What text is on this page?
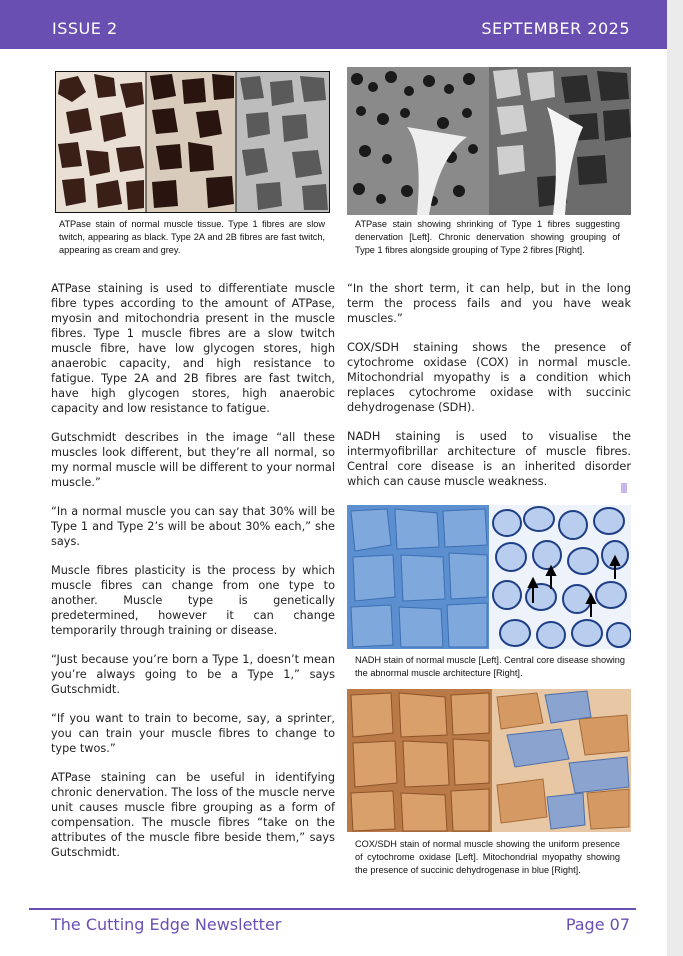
ISSUE 2	SEPTEMBER 2025
ATPase stain of normal muscle tissue. Type 1 fibres are slow twitch, appearing as black. Type 2A and 2B fibres are fast twitch, appearing as cream and grey.
ATPase stain showing shrinking of Type 1 fibres suggesting denervation [Left]. Chronic denervation showing grouping of Type 1 fibres alongside grouping of Type 2 fibres [Right].

ATPase staining is used to differentiate muscle fibre types according to the amount of ATPase, myosin and mitochondria present in the muscle fibres. Type 1 muscle fibres are a slow twitch muscle fibre, have low glycogen stores, high anaerobic capacity, and high resistance to fatigue. Type 2A and 2B fibres are fast twitch, have high glycogen stores, high anaerobic capacity and low resistance to fatigue.

Gutschmidt describes in the image “all these muscles look different, but they’re all normal, so my normal muscle will be different to your normal muscle.”

“In a normal muscle you can say that 30% will be Type 1 and Type 2’s will be about 30% each,” she says.

Muscle fibres plasticity is the process by which muscle fibres can change from one type to another. Muscle type is genetically predetermined, however it can change temporarily through training or disease.

“Just because you’re born a Type 1, doesn’t mean you’re always going to be a Type 1,” says Gutschmidt.

“If you want to train to become, say, a sprinter, you can train your muscle fibres to change to type twos.”

ATPase staining can be useful in identifying chronic denervation. The loss of the muscle nerve unit causes muscle fibre grouping as a form of compensation. The muscle fibres “take on the attributes of the muscle fibre beside them,” says Gutschmidt.

“In the short term, it can help, but in the long term the process fails and you have weak muscles.”

COX/SDH staining shows the presence of cytochrome oxidase (COX) in normal muscle. Mitochondrial myopathy is a condition which replaces cytochrome oxidase with succinic dehydrogenase (SDH).

NADH staining is used to visualise the intermyofibrillar architecture of muscle fibres. Central core disease is an inherited disorder which can cause muscle weakness.

NADH stain of normal muscle [Left]. Central core disease showing the abnormal muscle architecture [Right].
COX/SDH stain of normal muscle showing the uniform presence of cytochrome oxidase [Left]. Mitochondrial myopathy showing the presence of succinic dehydrogenase in blue [Right].
The Cutting Edge Newsletter	Page 07
